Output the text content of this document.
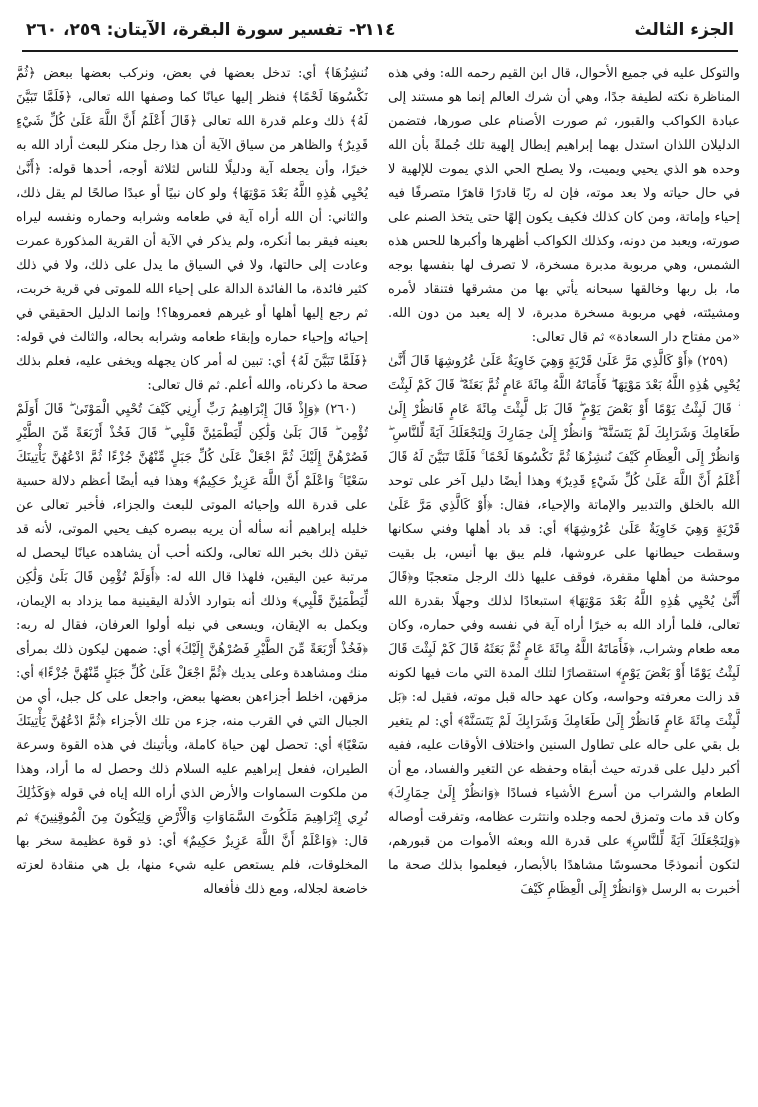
الجزء الثالث
١١٤
٢- تفسير سورة البقرة، الآيتان: ٢٥٩، ٢٦٠

والتوكل عليه في جميع الأحوال، قال ابن القيم رحمه الله: وفي هذه المناظرة نكته لطيفة جدًا، وهي أن شرك العالم إنما هو مستند إلى عبادة الكواكب والقبور، ثم صورت الأصنام على صورها، فتضمن الدليلان اللذان استدل بهما إبراهيم إبطال إلهية تلك جُملةً بأن الله وحده هو الذي يحيي ويميت، ولا يصلح الحي الذي يموت للإلهية لا في حال حياته ولا بعد موته، فإن له ربًا قادرًا قاهرًا متصرفًا فيه إحياء وإماتة، ومن كان كذلك فكيف يكون إلهًا حتى يتخذ الصنم على صورته، ويعبد من دونه، وكذلك الكواكب أظهرها وأكبرها للحس هذه الشمس، وهي مربوبة مدبرة مسخرة، لا تصرف لها بنفسها بوجه ما، بل ربها وخالقها سبحانه يأتي بها من مشرقها فتنقاد لأمره ومشيئته، فهي مربوبة مسخرة مدبرة، لا إله يعبد من دون الله. «من مفتاح دار السعادة» ثم قال تعالى:

(٢٥٩) ﴿أَوْ كَالَّذِي مَرَّ عَلَىٰ قَرْيَةٍ وَهِيَ خَاوِيَةٌ عَلَىٰ عُرُوشِهَا قَالَ أَنَّىٰ يُحْيِي هَٰذِهِ اللَّهُ بَعْدَ مَوْتِهَا ۖ فَأَمَاتَهُ اللَّهُ مِائَةَ عَامٍ ثُمَّ بَعَثَهُ ۖ قَالَ كَمْ لَبِثْتَ ۖ قَالَ لَبِثْتُ يَوْمًا أَوْ بَعْضَ يَوْمٍ ۖ قَالَ بَل لَّبِثْتَ مِائَةَ عَامٍ فَانظُرْ إِلَىٰ طَعَامِكَ وَشَرَابِكَ لَمْ يَتَسَنَّهْ ۖ وَانظُرْ إِلَىٰ حِمَارِكَ وَلِنَجْعَلَكَ آيَةً لِّلنَّاسِ ۖ وَانظُرْ إِلَى الْعِظَامِ كَيْفَ نُنشِزُهَا ثُمَّ نَكْسُوهَا لَحْمًا ۚ فَلَمَّا تَبَيَّنَ لَهُ قَالَ أَعْلَمُ أَنَّ اللَّهَ عَلَىٰ كُلِّ شَيْءٍ قَدِيرٌ﴾ وهذا أيضًا دليل آخر على توحد الله بالخلق والتدبير والإماتة والإحياء، فقال: ﴿أَوْ كَالَّذِي مَرَّ عَلَىٰ قَرْيَةٍ وَهِيَ خَاوِيَةٌ عَلَىٰ عُرُوشِهَا﴾ أي: قد باد أهلها وفني سكانها وسقطت حيطانها على عروشها، فلم يبق بها أنيس، بل بقيت موحشة من أهلها مقفرة، فوقف عليها ذلك الرجل متعجبًا و﴿قَالَ أَنَّىٰ يُحْيِي هَٰذِهِ اللَّهُ بَعْدَ مَوْتِهَا﴾ استبعادًا لذلك وجهلًا بقدرة الله تعالى، فلما أراد الله به خيرًا أراه آية في نفسه وفي حماره، وكان معه طعام وشراب، ﴿فَأَمَاتَهُ اللَّهُ مِائَةَ عَامٍ ثُمَّ بَعَثَهُ قَالَ كَمْ لَبِثْتَ قَالَ لَبِثْتُ يَوْمًا أَوْ بَعْضَ يَوْمٍ﴾ استقصارًا لتلك المدة التي مات فيها لكونه قد زالت معرفته وحواسه، وكان عهد حاله قبل موته، فقيل له: ﴿بَل لَّبِثْتَ مِائَةَ عَامٍ فَانظُرْ إِلَىٰ طَعَامِكَ وَشَرَابِكَ لَمْ يَتَسَنَّهْ﴾ أي: لم يتغير بل بقي على حاله على تطاول السنين واختلاف الأوقات عليه، ففيه أكبر دليل على قدرته حيث أبقاه وحفظه عن التغير والفساد، مع أن الطعام والشراب من أسرع الأشياء فسادًا ﴿وَانظُرْ إِلَىٰ حِمَارِكَ﴾ وكان قد مات وتمزق لحمه وجلده وانتثرت عظامه، وتفرقت أوصاله ﴿وَلِنَجْعَلَكَ آيَةً لِّلنَّاسِ﴾ على قدرة الله وبعثه الأموات من قبورهم، لتكون أنموذجًا محسوسًا مشاهدًا بالأبصار، فيعلموا بذلك صحة ما أخبرت به الرسل ﴿وَانظُرْ إِلَى الْعِظَامِ كَيْفَ

نُنشِزُهَا﴾ أي: تدخل بعضها في بعض، ونركب بعضها ببعض ﴿ثُمَّ نَكْسُوهَا لَحْمًا﴾ فنظر إليها عيانًا كما وصفها الله تعالى، ﴿فَلَمَّا تَبَيَّنَ لَهُ﴾ ذلك وعلم قدرة الله تعالى ﴿قَالَ أَعْلَمُ أَنَّ اللَّهَ عَلَىٰ كُلِّ شَيْءٍ قَدِيرٌ﴾ والظاهر من سياق الآية أن هذا رجل منكر للبعث أراد الله به خيرًا، وأن يجعله آية ودليلًا للناس لثلاثة أوجه، أحدها قوله: ﴿أَنَّىٰ يُحْيِي هَٰذِهِ اللَّهُ بَعْدَ مَوْتِهَا﴾ ولو كان نبيًا أو عبدًا صالحًا لم يقل ذلك، والثاني: أن الله أراه آية في طعامه وشرابه وحماره ونفسه ليراه بعينه فيقر بما أنكره، ولم يذكر في الآية أن القرية المذكورة عمرت وعادت إلى حالتها، ولا في السياق ما يدل على ذلك، ولا في ذلك كثير فائدة، ما الفائدة الدالة على إحياء الله للموتى في قرية خربت، ثم رجع إليها أهلها أو غيرهم فعمروها؟! وإنما الدليل الحقيقي في إحيائه وإحياء حماره وإبقاء طعامه وشرابه بحاله، والثالث في قوله: ﴿فَلَمَّا تَبَيَّنَ لَهُ﴾ أي: تبين له أمر كان يجهله ويخفى عليه، فعلم بذلك صحة ما ذكرناه، والله أعلم. ثم قال تعالى:

(٢٦٠) ﴿وَإِذْ قَالَ إِبْرَاهِيمُ رَبِّ أَرِنِي كَيْفَ تُحْيِي الْمَوْتَىٰ ۖ قَالَ أَوَلَمْ تُؤْمِن ۖ قَالَ بَلَىٰ وَلَٰكِن لِّيَطْمَئِنَّ قَلْبِي ۖ قَالَ فَخُذْ أَرْبَعَةً مِّنَ الطَّيْرِ فَصُرْهُنَّ إِلَيْكَ ثُمَّ اجْعَلْ عَلَىٰ كُلِّ جَبَلٍ مِّنْهُنَّ جُزْءًا ثُمَّ ادْعُهُنَّ يَأْتِينَكَ سَعْيًا ۚ وَاعْلَمْ أَنَّ اللَّهَ عَزِيزٌ حَكِيمٌ﴾ وهذا فيه أيضًا أعظم دلالة حسية على قدرة الله وإحيائه الموتى للبعث والجزاء، فأخبر تعالى عن خليله إبراهيم أنه سأله أن يريه ببصره كيف يحيي الموتى، لأنه قد تيقن ذلك بخبر الله تعالى، ولكنه أحب أن يشاهده عيانًا ليحصل له مرتبة عين اليقين، فلهذا قال الله له: ﴿أَوَلَمْ تُؤْمِن قَالَ بَلَىٰ وَلَٰكِن لِّيَطْمَئِنَّ قَلْبِي﴾ وذلك أنه بتوارد الأدلة اليقينية مما يزداد به الإيمان، ويكمل به الإيقان، ويسعى في نيله أولوا العرفان، فقال له ربه: ﴿فَخُذْ أَرْبَعَةً مِّنَ الطَّيْرِ فَصُرْهُنَّ إِلَيْكَ﴾ أي: ضمهن ليكون ذلك بمرأى منك ومشاهدة وعلى يديك ﴿ثُمَّ اجْعَلْ عَلَىٰ كُلِّ جَبَلٍ مِّنْهُنَّ جُزْءًا﴾ أي: مزقهن، اخلط أجزاءهن بعضها ببعض، واجعل على كل جبل، أي من الجبال التي في القرب منه، جزء من تلك الأجزاء ﴿ثُمَّ ادْعُهُنَّ يَأْتِينَكَ سَعْيًا﴾ أي: تحصل لهن حياة كاملة، ويأتينك في هذه القوة وسرعة الطيران، ففعل إبراهيم عليه السلام ذلك وحصل له ما أراد، وهذا من ملكوت السماوات والأرض الذي أراه الله إياه في قوله ﴿وَكَذَٰلِكَ نُرِي إِبْرَاهِيمَ مَلَكُوتَ السَّمَاوَاتِ وَالْأَرْضِ وَلِيَكُونَ مِنَ الْمُوقِنِينَ﴾ ثم قال: ﴿وَاعْلَمْ أَنَّ اللَّهَ عَزِيزٌ حَكِيمٌ﴾ أي: ذو قوة عظيمة سخر بها المخلوقات، فلم يستعص عليه شيء منها، بل هي منقادة لعزته خاضعة لجلاله، ومع ذلك فأفعاله
